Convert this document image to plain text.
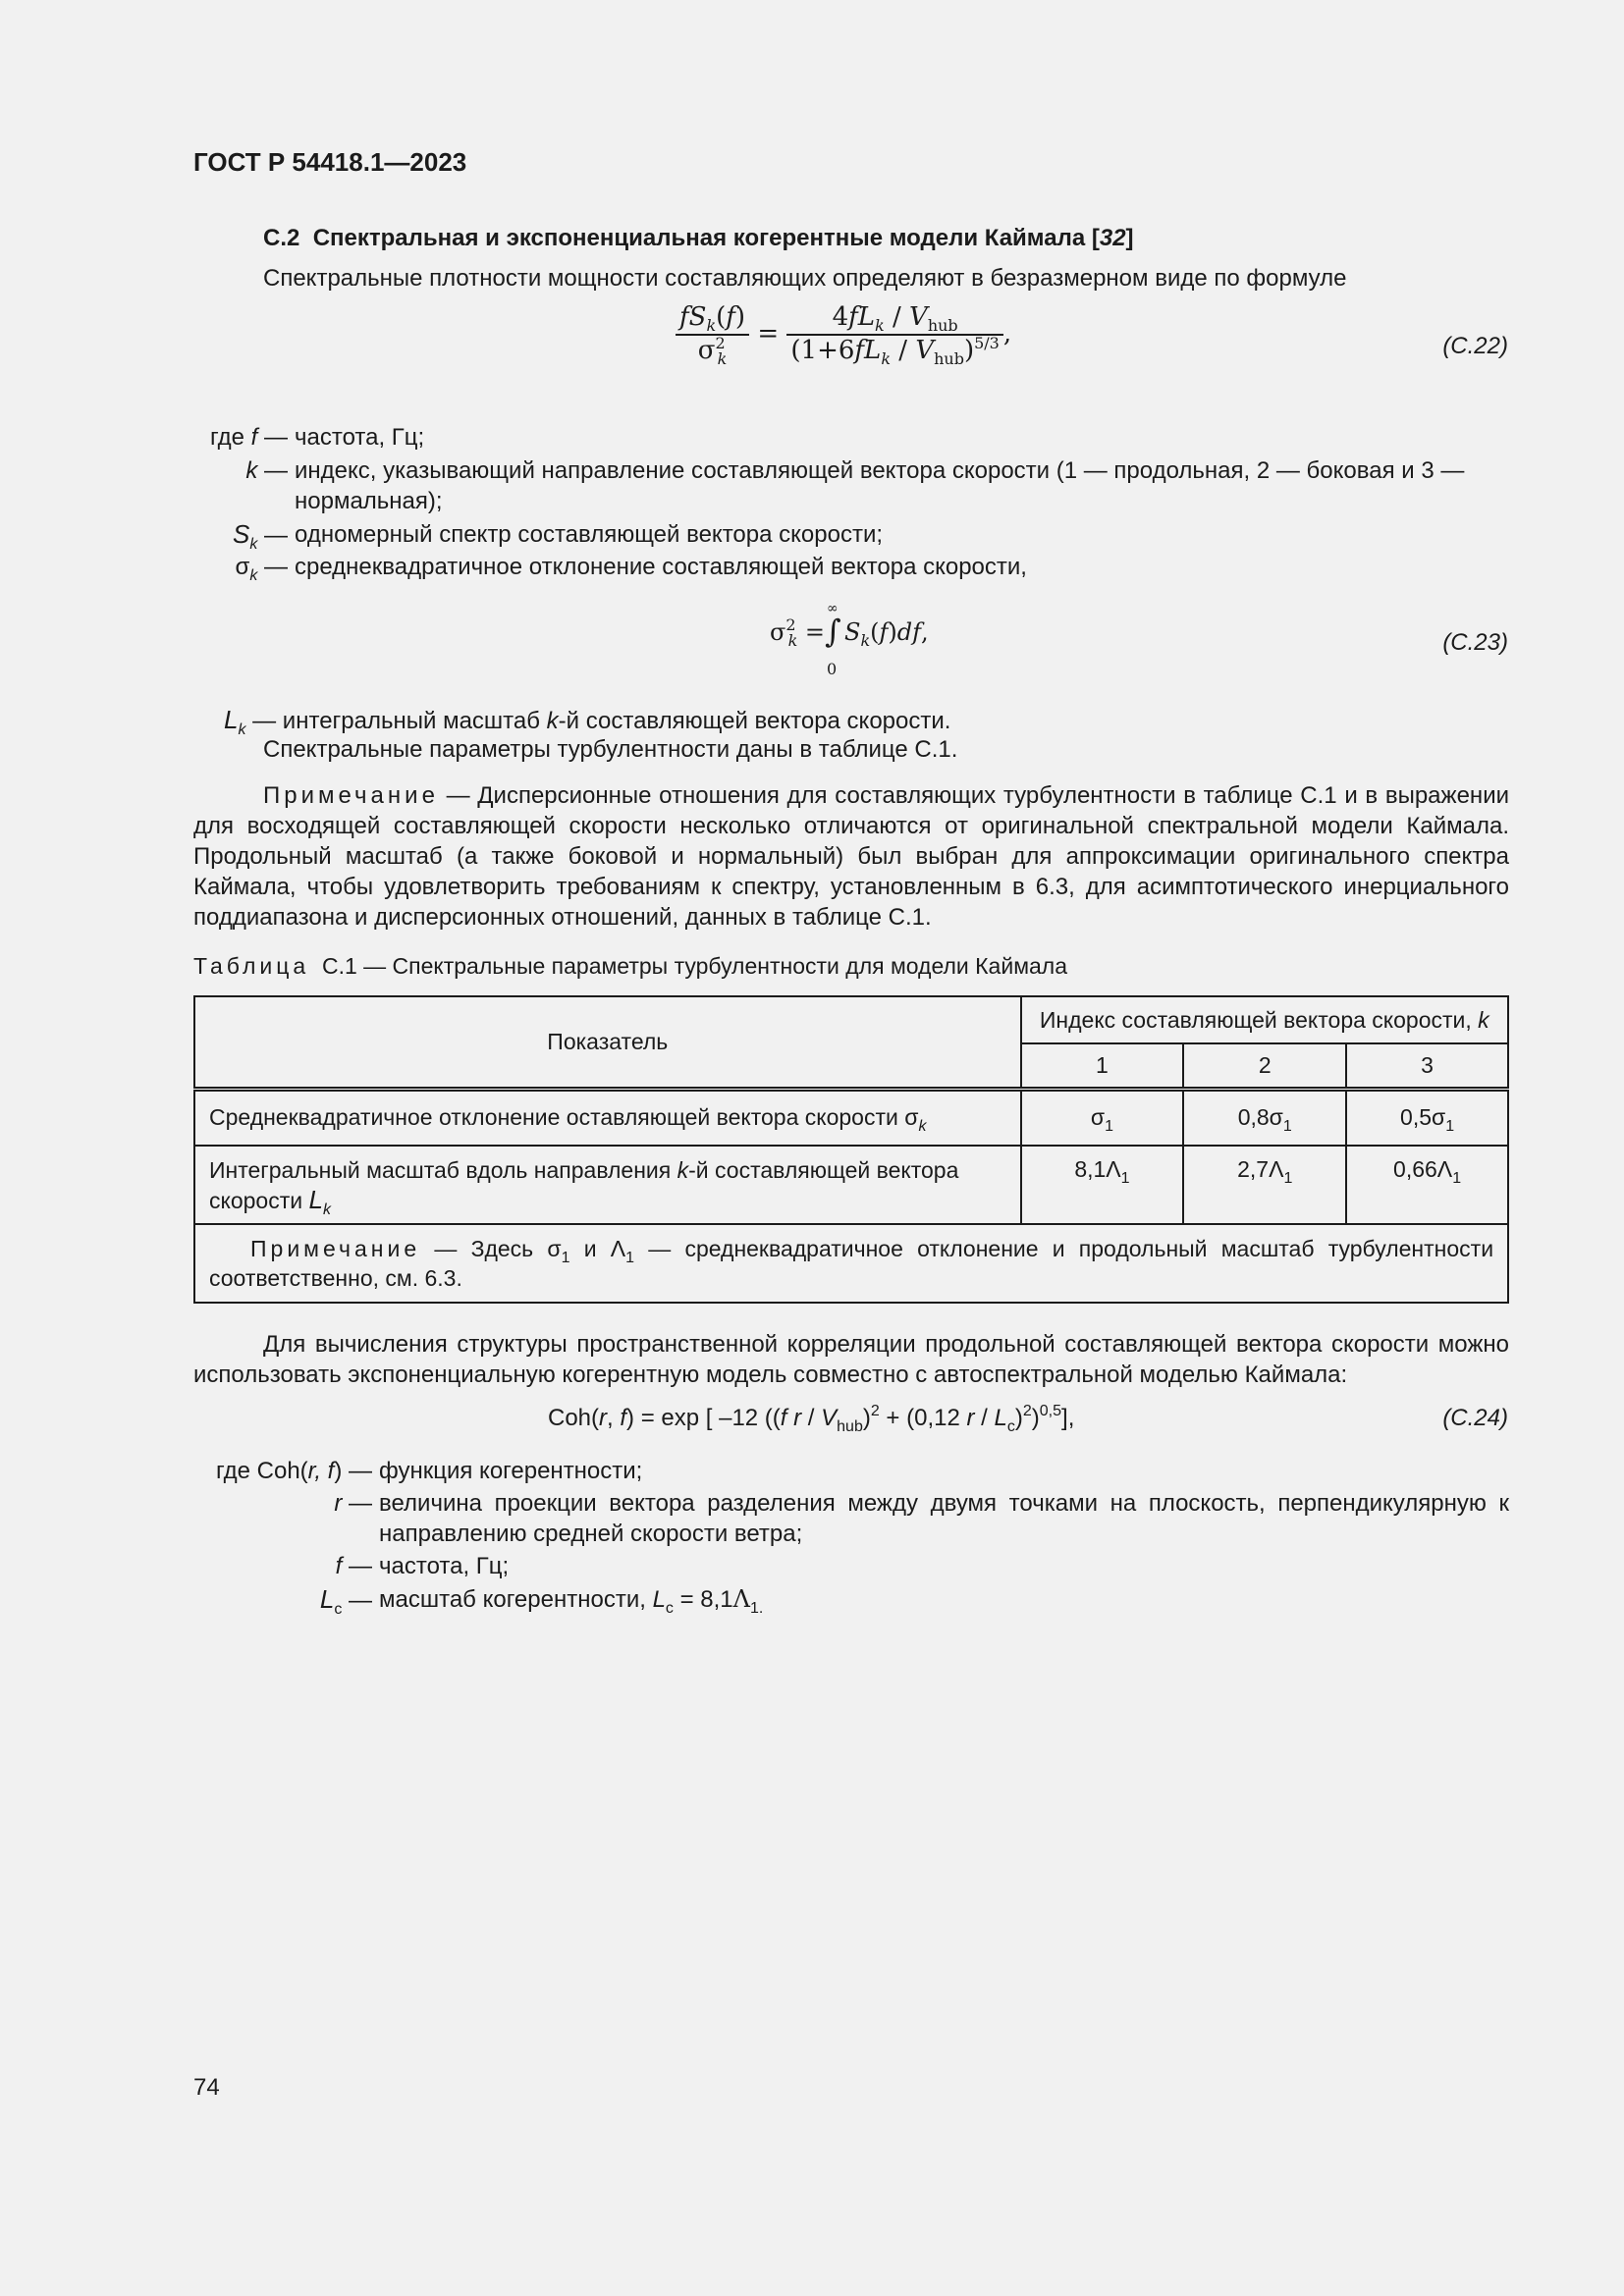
ГОСТ Р 54418.1—2023
С.2 Спектральная и экспоненциальная когерентные модели Каймала [32]
Спектральные плотности мощности составляющих определяют в безразмерном виде по формуле
$\frac{fS_k(f)}{\sigma^2_k} = \frac{4fL_k / V_{hub}}{(1+6fL_k / V_{hub})^{5/3}}$ ,	(C.22)
где f — частота, Гц;
k — индекс, указывающий направление составляющей вектора скорости (1 — продольная, 2 — боковая и 3 — нормальная);
$S_k$ — одномерный спектр составляющей вектора скорости;
$\sigma_k$ — среднеквадратичное отклонение составляющей вектора скорости,
$\sigma^2_k$ =
∞
∫
0
$S_k(f)df$,	(C.23)
$L_k$ — интегральный масштаб k-й составляющей вектора скорости.
Спектральные параметры турбулентности даны в таблице С.1.
Примечание — Дисперсионные отношения для составляющих турбулентности в таблице С.1 и в выражении для восходящей составляющей скорости несколько отличаются от оригинальной спектральной модели Каймала. Продольный масштаб (а также боковой и нормальный) был выбран для аппроксимации оригинального спектра Каймала, чтобы удовлетворить требованиям к спектру, установленным в 6.3, для асимптотического инерциального поддиапазона и дисперсионных отношений, данных в таблице С.1.
Таблица С.1 — Спектральные параметры турбулентности для модели Каймала
Показатель	Индекс составляющей вектора скорости, k		
	1	2	3
Среднеквадратичное отклонение оставляющей вектора скорости $\sigma_k$	$\sigma_1$	$0,8\sigma_1$	$0,5\sigma_1$
Интегральный масштаб вдоль направления k-й составляющей вектора скорости $L_k$	$8,1\Lambda_1$	$2,7\Lambda_1$	$0,66\Lambda_1$
Примечание — Здесь $\sigma_1$ и $\Lambda_1$ — среднеквадратичное отклонение и продольный масштаб турбулентности соответственно, см. 6.3.			
Для вычисления структуры пространственной корреляции продольной составляющей вектора скорости можно использовать экспоненциальную когерентную модель совместно с автоспектральной моделью Каймала:
Coh(r, f) = exp [ –12 ((f $r / V_{hub})^2 + (0,12$ r / $L_c)^2)^{0,5}$],	(C.24)
где Coh(r, f) — функция когерентности;
r — величина проекции вектора разделения между двумя точками на плоскость, перпендикулярную к направлению средней скорости ветра;
f — частота, Гц;
$L_c$ — масштаб когерентности, $L_c = 8,1\Lambda_{1.}$
74
